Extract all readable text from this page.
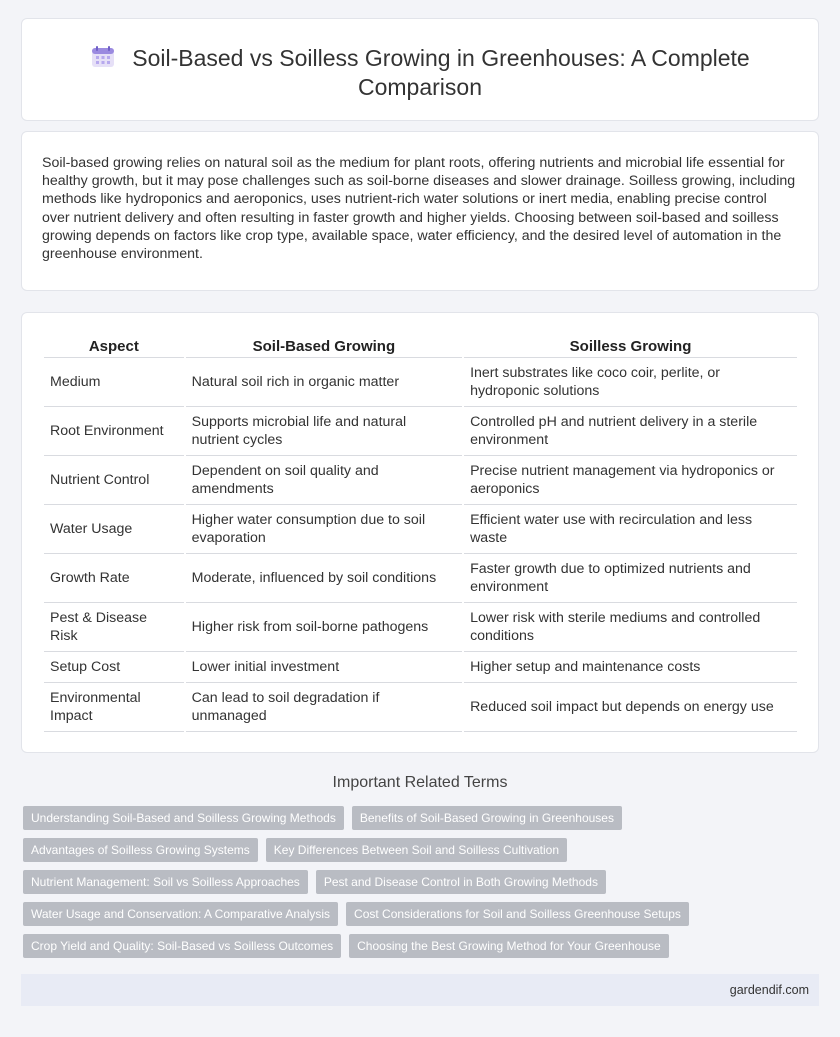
Soil-Based vs Soilless Growing in Greenhouses: A Complete Comparison

Soil-based growing relies on natural soil as the medium for plant roots, offering nutrients and microbial life essential for healthy growth, but it may pose challenges such as soil-borne diseases and slower drainage. Soilless growing, including methods like hydroponics and aeroponics, uses nutrient-rich water solutions or inert media, enabling precise control over nutrient delivery and often resulting in faster growth and higher yields. Choosing between soil-based and soilless growing depends on factors like crop type, available space, water efficiency, and the desired level of automation in the greenhouse environment.

Aspect	Soil-Based Growing	Soilless Growing
Medium	Natural soil rich in organic matter	Inert substrates like coco coir, perlite, or hydroponic solutions
Root Environment	Supports microbial life and natural nutrient cycles	Controlled pH and nutrient delivery in a sterile environment
Nutrient Control	Dependent on soil quality and amendments	Precise nutrient management via hydroponics or aeroponics
Water Usage	Higher water consumption due to soil evaporation	Efficient water use with recirculation and less waste
Growth Rate	Moderate, influenced by soil conditions	Faster growth due to optimized nutrients and environment
Pest & Disease Risk	Higher risk from soil-borne pathogens	Lower risk with sterile mediums and controlled conditions
Setup Cost	Lower initial investment	Higher setup and maintenance costs
Environmental Impact	Can lead to soil degradation if unmanaged	Reduced soil impact but depends on energy use
Important Related Terms
Understanding Soil-Based and Soilless Growing Methods	Benefits of Soil-Based Growing in Greenhouses
Advantages of Soilless Growing Systems	Key Differences Between Soil and Soilless Cultivation
Nutrient Management: Soil vs Soilless Approaches	Pest and Disease Control in Both Growing Methods
Water Usage and Conservation: A Comparative Analysis	Cost Considerations for Soil and Soilless Greenhouse Setups
Crop Yield and Quality: Soil-Based vs Soilless Outcomes	Choosing the Best Growing Method for Your Greenhouse
gardendif.com
